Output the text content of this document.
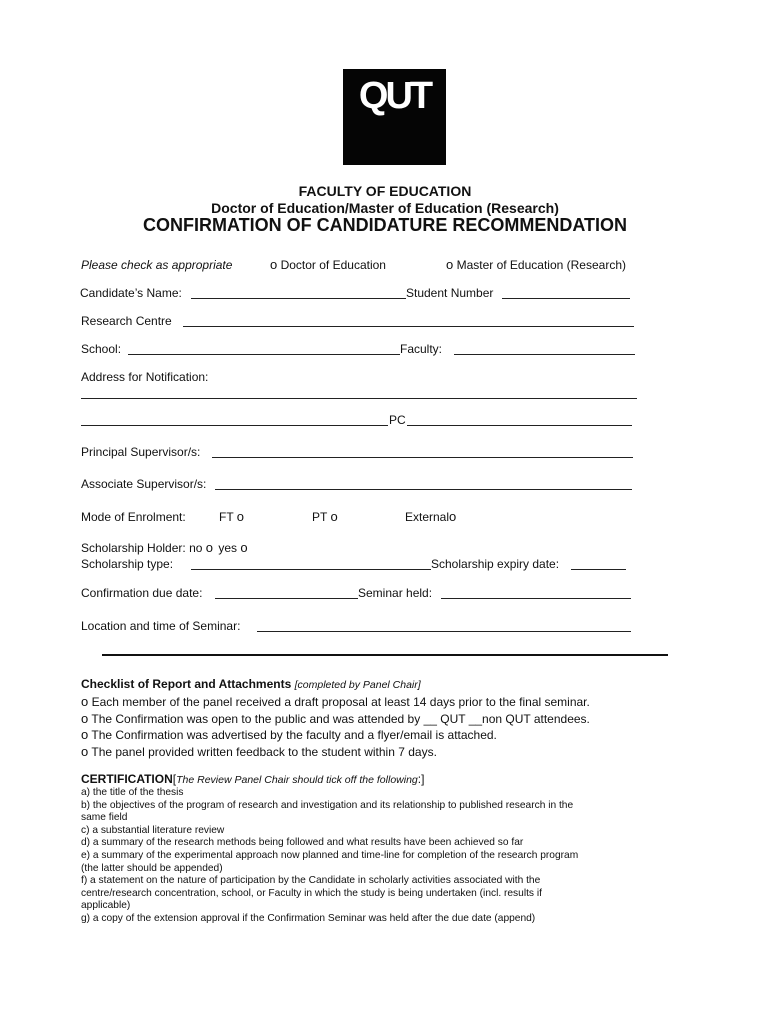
QUT
FACULTY OF EDUCATION
Doctor of Education/Master of Education (Research)
CONFIRMATION OF CANDIDATURE RECOMMENDATION
Please check as appropriate	o Doctor of Education	o Master of Education (Research)
Candidate’s Name:	Student Number
Research Centre
School:	Faculty:
Address for Notification:
PC
Principal Supervisor/s:
Associate Supervisor/s:
Mode of Enrolment:	FT o	PT o	Externalo
Scholarship Holder: no o yes o
Scholarship type:	Scholarship expiry date:
Confirmation due date:	Seminar held:
Location and time of Seminar:
Checklist of Report and Attachments [completed by Panel Chair]
o Each member of the panel received a draft proposal at least 14 days prior to the final seminar.
o The Confirmation was open to the public and was attended by __ QUT __non QUT attendees.
o The Confirmation was advertised by the faculty and a flyer/email is attached.
o The panel provided written feedback to the student within 7 days.
CERTIFICATION[The Review Panel Chair should tick off the following:]
a) the title of the thesis
b) the objectives of the program of research and investigation and its relationship to published research in the
same field
c) a substantial literature review
d) a summary of the research methods being followed and what results have been achieved so far
e) a summary of the experimental approach now planned and time-line for completion of the research program
(the latter should be appended)
f) a statement on the nature of participation by the Candidate in scholarly activities associated with the
centre/research concentration, school, or Faculty in which the study is being undertaken (incl. results if
applicable)
g) a copy of the extension approval if the Confirmation Seminar was held after the due date (append)
